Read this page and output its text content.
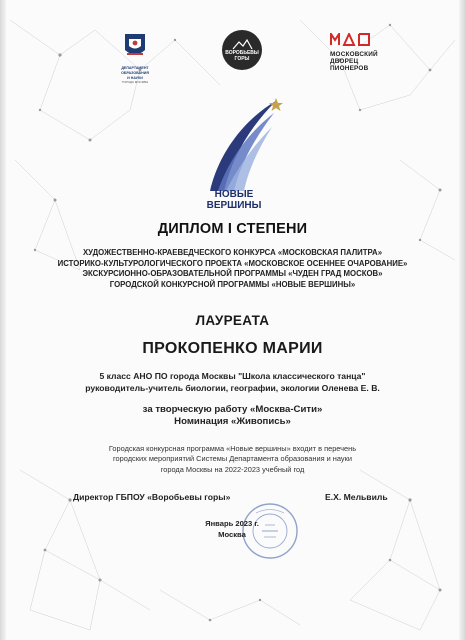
ДЕПАРТАМЕНТ
ОБРАЗОВАНИЯ
И НАУКИ
ГОРОДА МОСКВЫ
ВОРОБЬЕВЫ
ГОРЫ
МОСКОВСКИЙ
ДВОРЕЦ
ПИОНЕРОВ
НОВЫЕ
ВЕРШИНЫ
ДИПЛОМ I СТЕПЕНИ
ХУДОЖЕСТВЕННО-КРАЕВЕДЧЕСКОГО КОНКУРСА «МОСКОВСКАЯ ПАЛИТРА»
ИСТОРИКО-КУЛЬТУРОЛОГИЧЕСКОГО ПРОЕКТА «МОСКОВСКОЕ ОСЕННЕЕ ОЧАРОВАНИЕ»
ЭКСКУРСИОННО-ОБРАЗОВАТЕЛЬНОЙ ПРОГРАММЫ «ЧУДЕН ГРАД МОСКОВ»
ГОРОДСКОЙ КОНКУРСНОЙ ПРОГРАММЫ «НОВЫЕ ВЕРШИНЫ»
ЛАУРЕАТА
ПРОКОПЕНКО МАРИИ
5 класс АНО ПО города Москвы "Школа классического танца"
руководитель-учитель биологии, географии, экологии Оленева Е. В.
за творческую работу «Москва-Сити»
Номинация «Живопись»
Городская конкурсная программа «Новые вершины» входит в перечень
городских мероприятий Системы Департамента образования и науки
города Москвы на 2022-2023 учебный год
Директор ГБПОУ «Воробьевы горы»	Е.Х. Мельвиль
Январь 2023 г.
Москва
